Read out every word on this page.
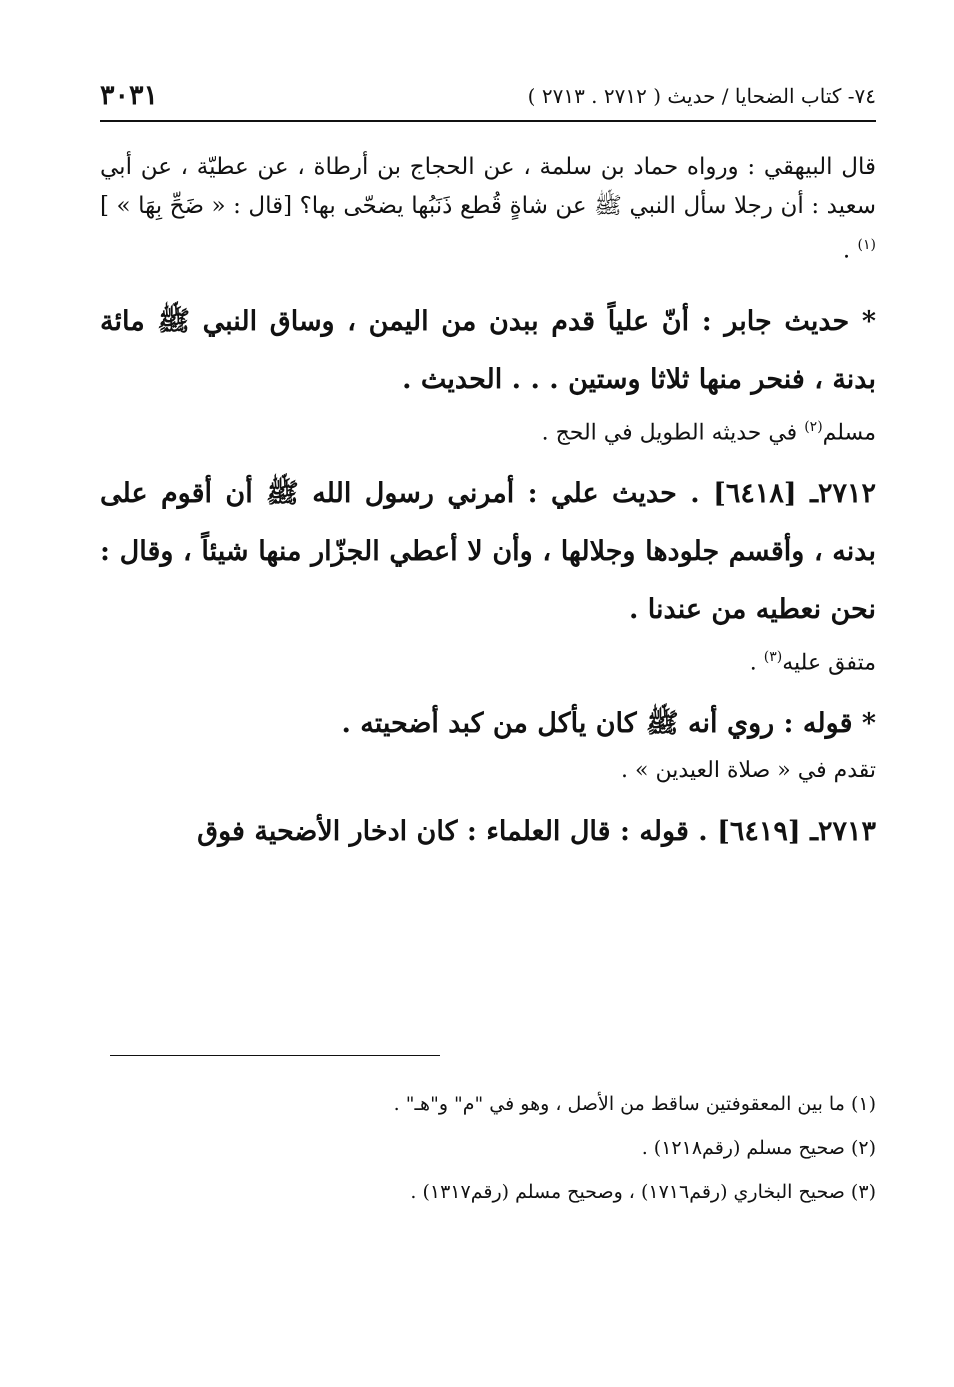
٧٤- كتاب الضحايا / حديث ( ٢٧١٢ . ٢٧١٣ )
٣٠٣١

قال البيهقي : ورواه حماد بن سلمة ، عن الحجاج بن أرطاة ، عن عطيّة ، عن أبي سعيد : أن رجلا سأل النبي ﷺ عن شاةٍ قُطع ذَنَبُها يضحّى بها؟ [قال : « ضَحِّ بِهَا » ]$^{(١)}$ .

* حديث جابر : أنّ علياً قدم ببدن من اليمن ، وساق النبي ﷺ مائة بدنة ، فنحر منها ثلاثا وستين . . . الحديث .

مسلم$^{(٢)}$ في حديثه الطويل في الحج .

٢٧١٢ـ [٦٤١٨] . حديث علي : أمرني رسول الله ﷺ أن أقوم على بدنه ، وأقسم جلودها وجلالها ، وأن لا أعطي الجزّار منها شيئاً ، وقال : نحن نعطيه من عندنا .

متفق عليه$^{(٣)}$ .

* قوله : روي أنه ﷺ كان يأكل من كبد أضحيته .

تقدم في « صلاة العيدين » .

٢٧١٣ـ [٦٤١٩] . قوله : قال العلماء : كان ادخار الأضحية فوق

(١) ما بين المعقوفتين ساقط من الأصل ، وهو في "م" و"هـ" .

(٢) صحيح مسلم (رقم١٢١٨) .

(٣) صحيح البخاري (رقم١٧١٦) ، وصحيح مسلم (رقم١٣١٧) .
